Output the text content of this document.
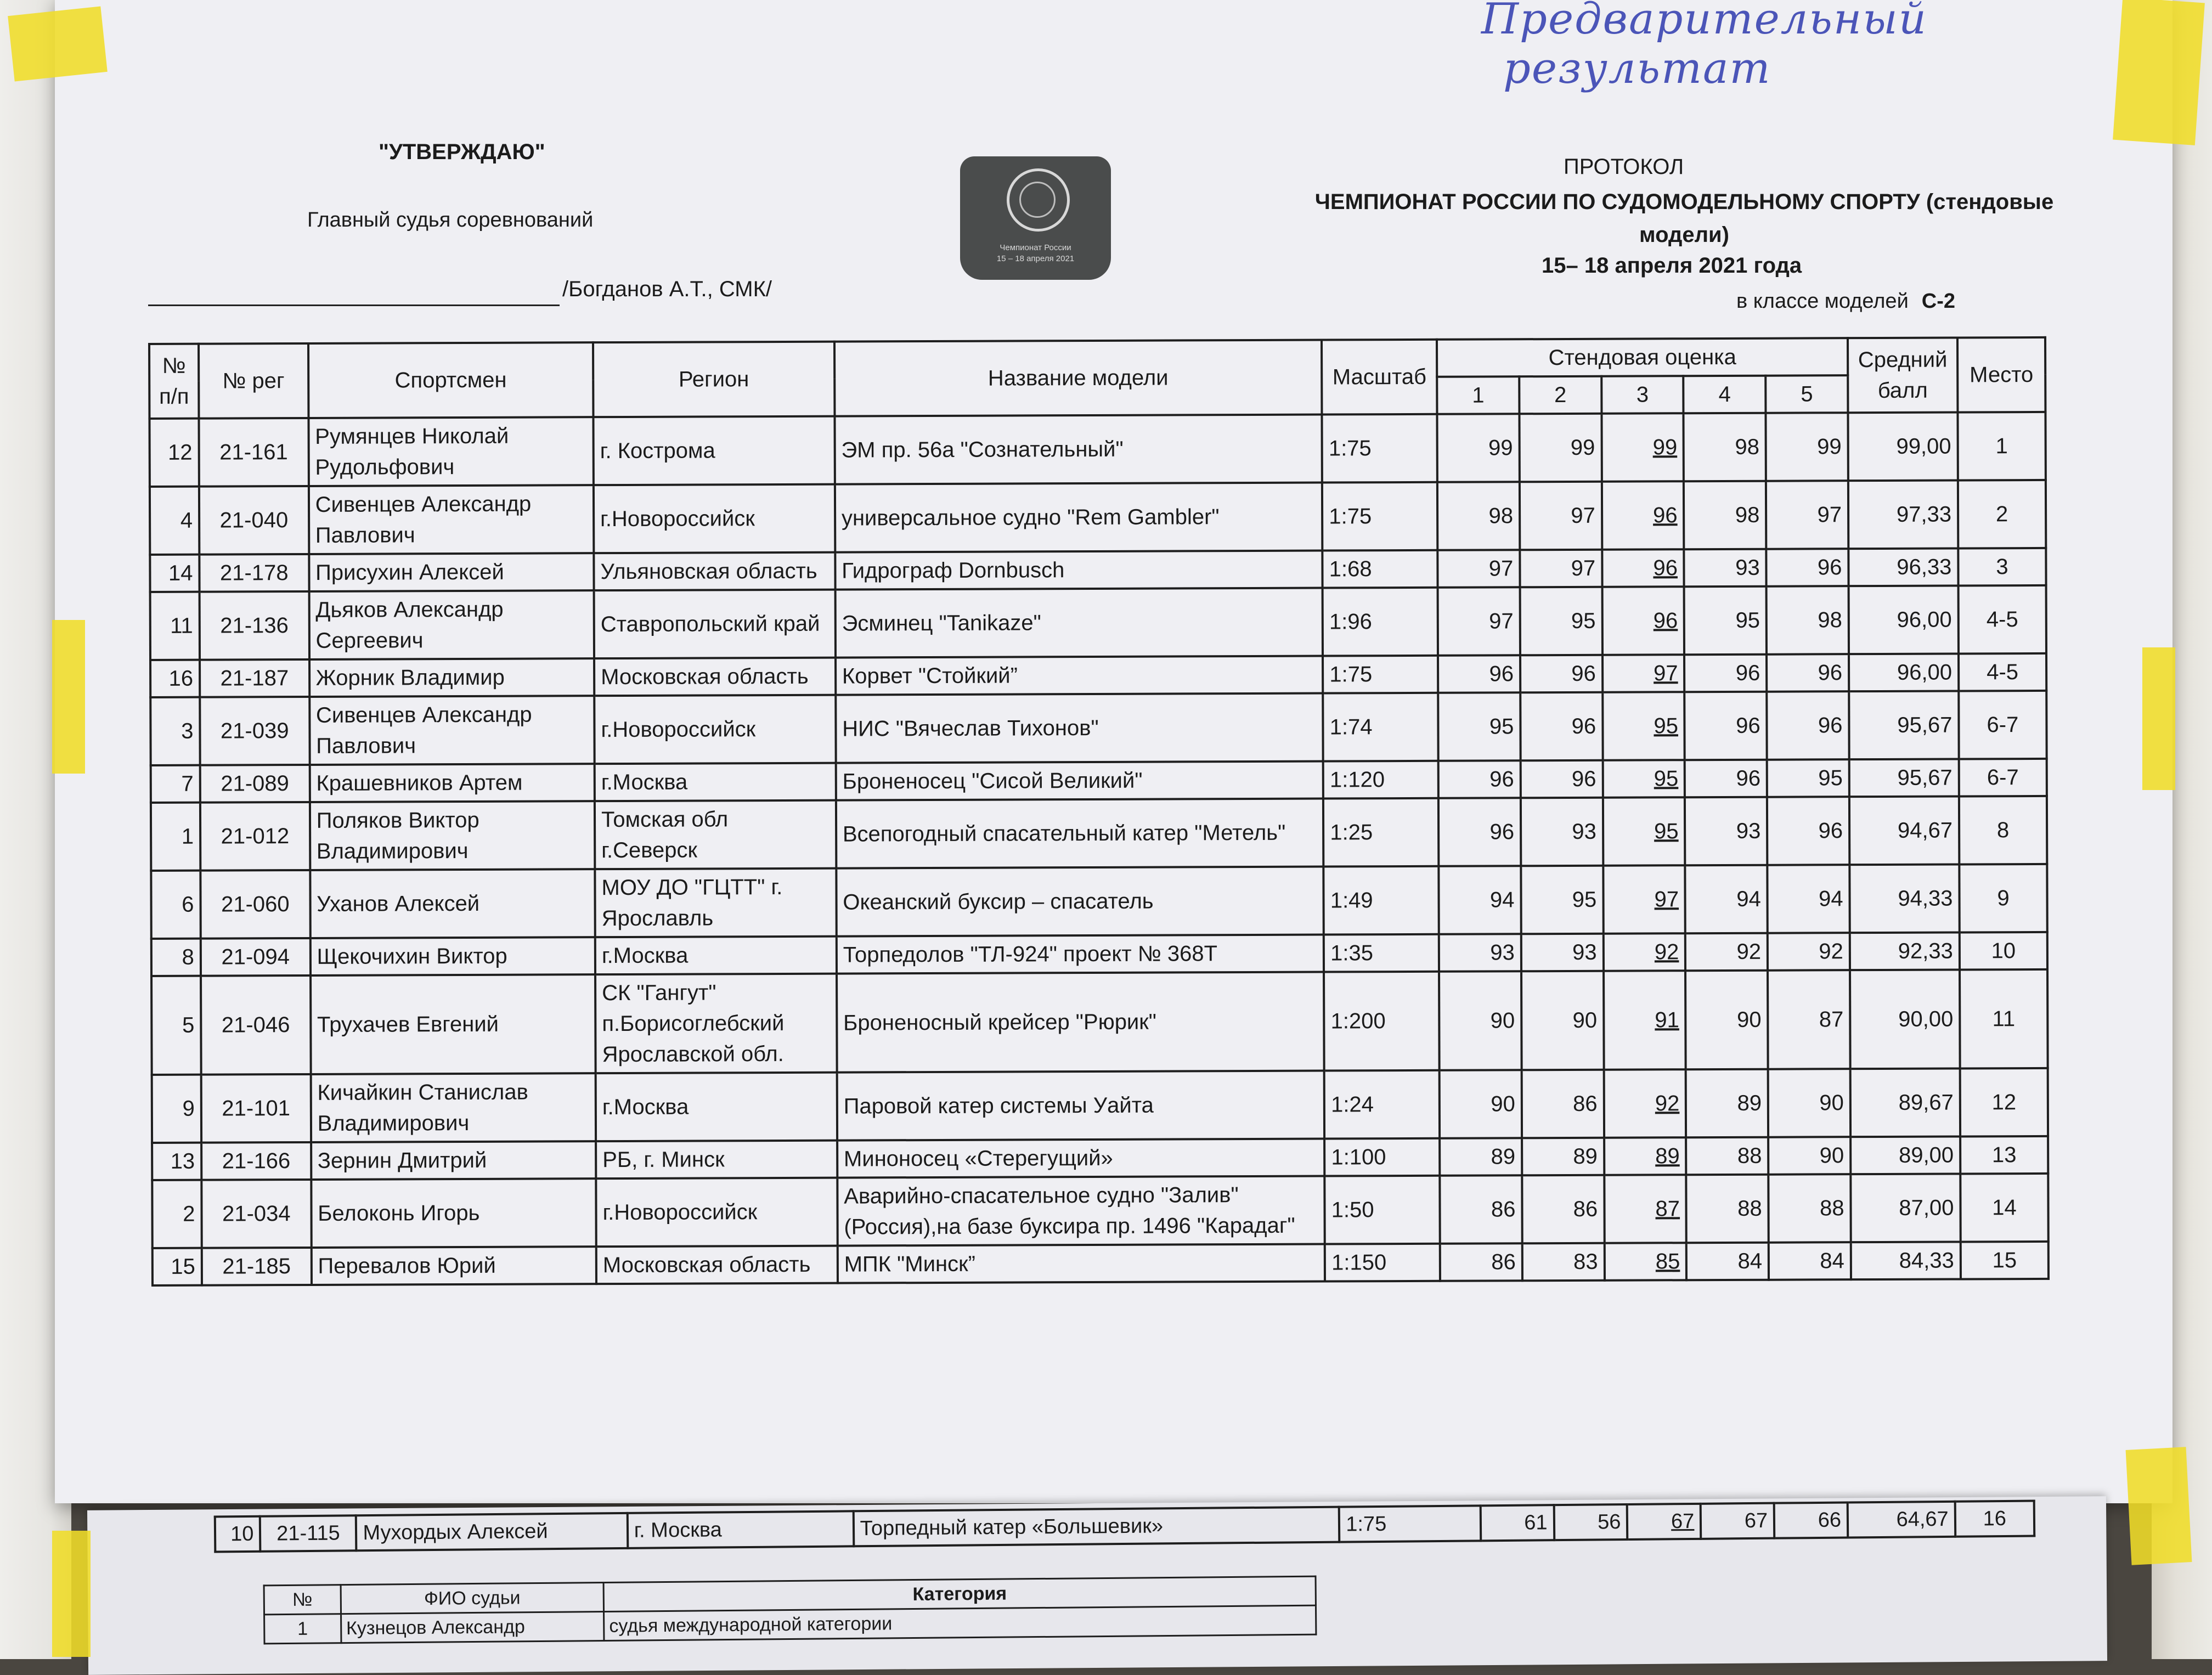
Предварительный
результат
"УТВЕРЖДАЮ"
Главный судья соревнований
/Богданов А.Т., СМК/
Чемпионат России
15 – 18 апреля 2021
ПРОТОКОЛ
ЧЕМПИОНАТ РОССИИ ПО СУДОМОДЕЛЬНОМУ СПОРТУ (стендовые модели)
15– 18 апреля 2021 года
в классе моделей С-2
№ п/п	№ рег	Спортсмен	Регион	Название модели	Масштаб	Стендовая оценка					Средний балл	Место
						1	2	3	4	5		
12	21-161	Румянцев Николай Рудольфович	г. Кострома	ЭМ пр. 56а "Сознательный"	1:75	99	99	99	98	99	99,00	1
4	21-040	Сивенцев Александр Павлович	г.Новороссийск	универсальное судно "Rem Gambler"	1:75	98	97	96	98	97	97,33	2
14	21-178	Присухин Алексей	Ульяновская область	Гидрограф Dornbusch	1:68	97	97	96	93	96	96,33	3
11	21-136	Дьяков Александр Сергеевич	Ставропольский край	Эсминец "Tanikaze"	1:96	97	95	96	95	98	96,00	4-5
16	21-187	Жорник Владимир	Московская область	Корвет "Стойкий”	1:75	96	96	97	96	96	96,00	4-5
3	21-039	Сивенцев Александр Павлович	г.Новороссийск	НИС "Вячеслав Тихонов"	1:74	95	96	95	96	96	95,67	6-7
7	21-089	Крашевников Артем	г.Москва	Броненосец "Сисой Великий"	1:120	96	96	95	96	95	95,67	6-7
1	21-012	Поляков Виктор Владимирович	Томская обл г.Северск	Всепогодный спасательный катер "Метель"	1:25	96	93	95	93	96	94,67	8
6	21-060	Уханов Алексей	МОУ ДО "ГЦТТ" г. Ярославль	Океанский буксир – спасатель	1:49	94	95	97	94	94	94,33	9
8	21-094	Щекочихин Виктор	г.Москва	Торпедолов "ТЛ-924" проект № 368Т	1:35	93	93	92	92	92	92,33	10
5	21-046	Трухачев Евгений	СК "Гангут" п.Борисоглебский Ярославской обл.	Броненосный крейсер "Рюрик"	1:200	90	90	91	90	87	90,00	11
9	21-101	Кичайкин Станислав Владимирович	г.Москва	Паровой катер системы Уайта	1:24	90	86	92	89	90	89,67	12
13	21-166	Зернин Дмитрий	РБ, г. Минск	Миноносец «Стерегущий»	1:100	89	89	89	88	90	89,00	13
2	21-034	Белоконь Игорь	г.Новороссийск	Аварийно-спасательное судно "Залив" (Россия),на базе буксира пр. 1496 "Карадаг"	1:50	86	86	87	88	88	87,00	14
15	21-185	Перевалов Юрий	Московская область	МПК "Минск”	1:150	86	83	85	84	84	84,33	15
10	21-115	Мухордых Алексей	г. Москва	Торпедный катер «Большевик»	1:75	61	56	67	67	66	64,67	16
№	ФИО судьи	Категория
1	Кузнецов Александр	судья международной категории
